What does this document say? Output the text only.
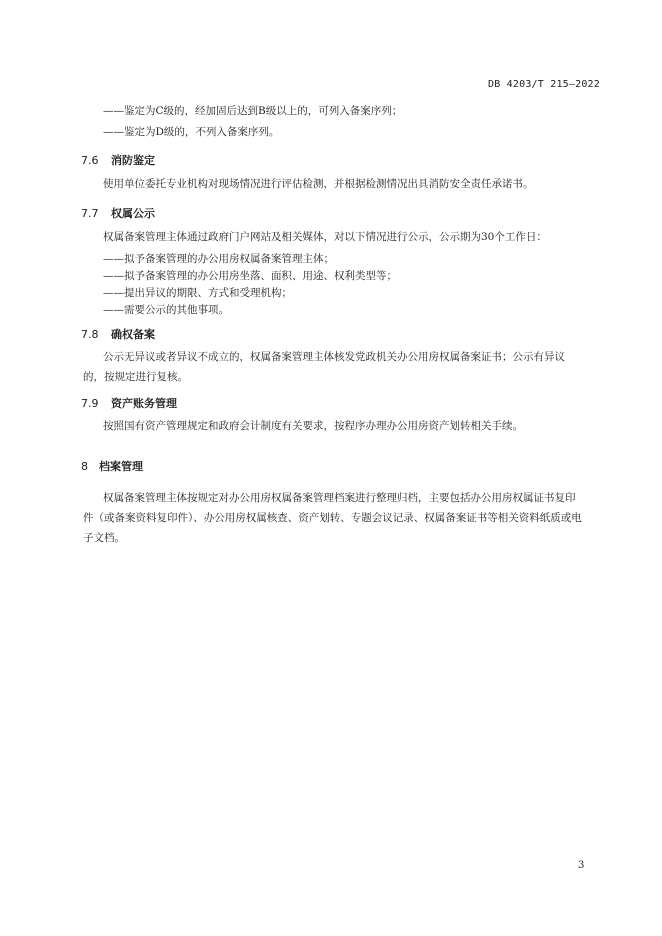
DB 4203/T 215—2022
——鉴定为C级的，经加固后达到B级以上的，可列入备案序列；
——鉴定为D级的，不列入备案序列。
7.6 消防鉴定
使用单位委托专业机构对现场情况进行评估检测，并根据检测情况出具消防安全责任承诺书。
7.7 权属公示
权属备案管理主体通过政府门户网站及相关媒体，对以下情况进行公示，公示期为30个工作日：
——拟予备案管理的办公用房权属备案管理主体；
——拟予备案管理的办公用房坐落、面积、用途、权利类型等；
——提出异议的期限、方式和受理机构；
——需要公示的其他事项。
7.8 确权备案
公示无异议或者异议不成立的，权属备案管理主体核发党政机关办公用房权属备案证书；公示有异议的，按规定进行复核。
7.9 资产账务管理
按照国有资产管理规定和政府会计制度有关要求，按程序办理办公用房资产划转相关手续。
8 档案管理
权属备案管理主体按规定对办公用房权属备案管理档案进行整理归档，主要包括办公用房权属证书复印件（或备案资料复印件）、办公用房权属核查、资产划转、专题会议记录、权属备案证书等相关资料纸质或电子文档。
3
